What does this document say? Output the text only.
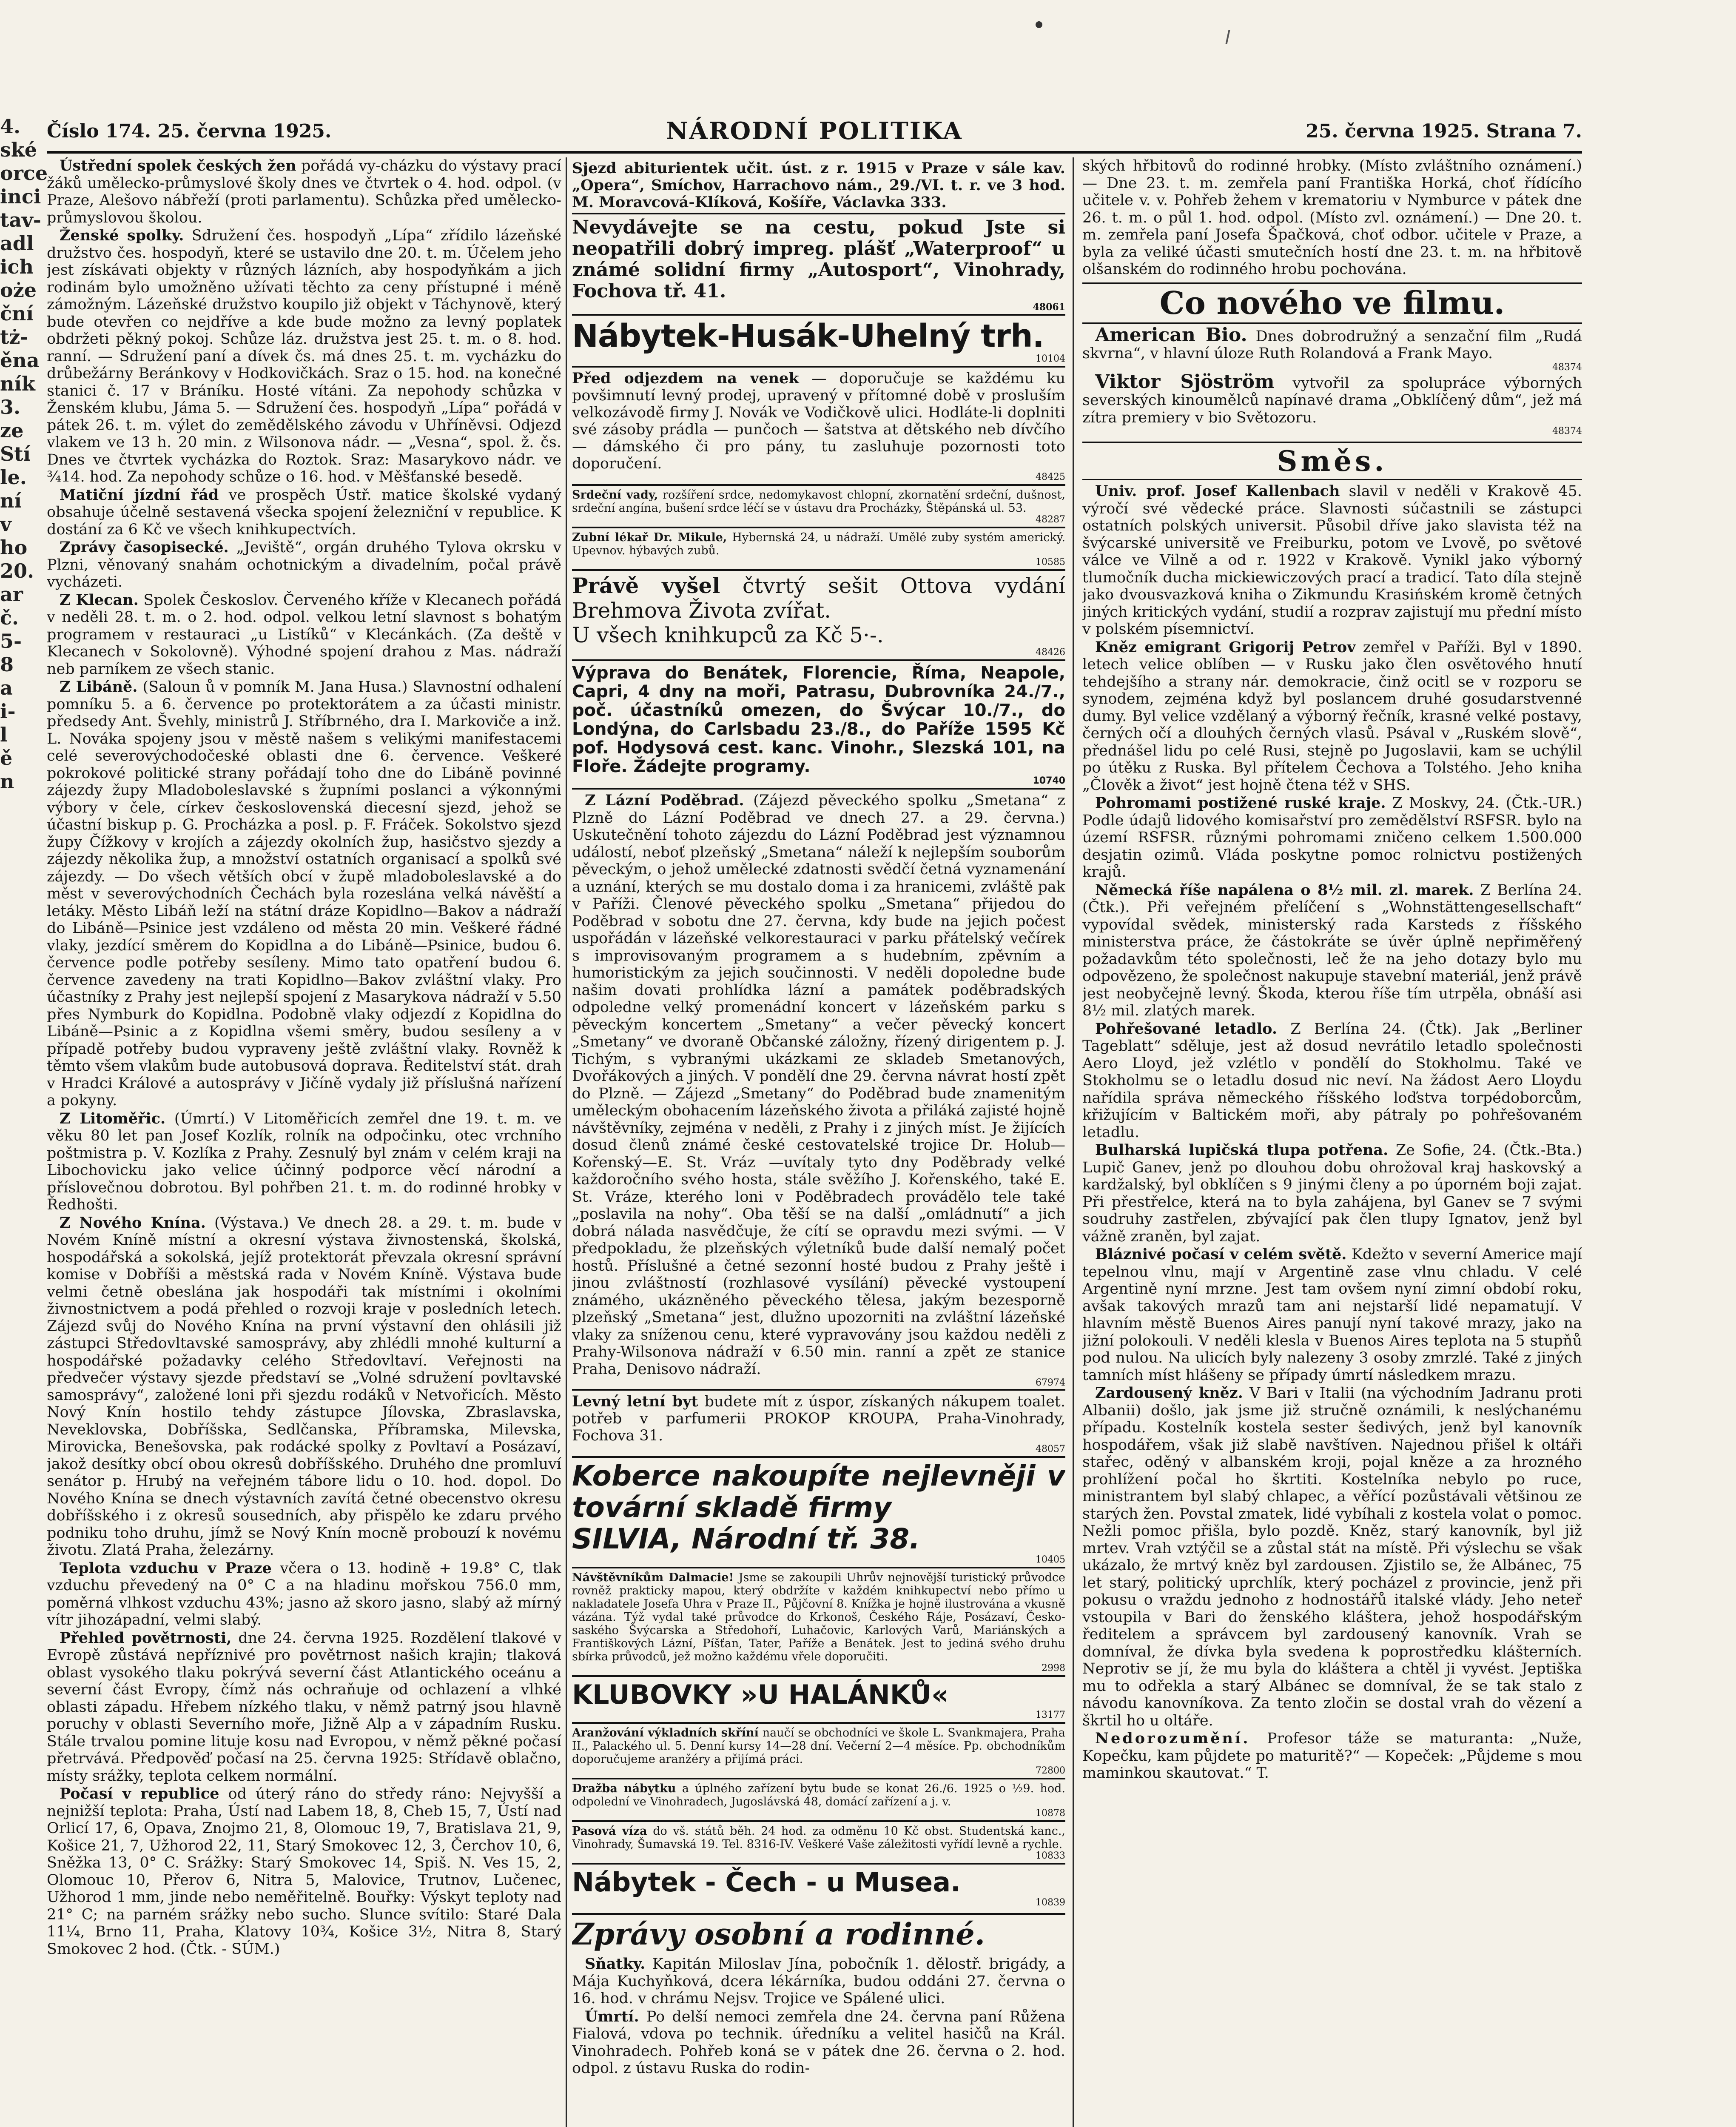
4.
ské
orce
inci
tav-
adl
ich
oże
ční
tż-
ěna
ník
3.
ze
Stí
le.
ní
v
ho
20.
ar
č.
5-
8
a
i-
l
ě
n
Číslo 174. 25. června 1925.	NÁRODNÍ POLITIKA	25. června 1925. Strana 7.

Ústřední spolek českých žen pořádá vy-cházku do výstavy prací žáků umělecko-průmyslové školy dnes ve čtvrtek o 4. hod. odpol. (v Praze, Alešovo nábřeží (proti parlamentu). Schůzka před umělecko-průmyslovou školou.

Ženské spolky. Sdružení čes. hospodyň „Lípa“ zřídilo lázeňské družstvo čes. hospodyň, které se ustavilo dne 20. t. m. Účelem jeho jest získávati objekty v různých lázních, aby hospodyňkám a jich rodinám bylo umožněno užívati těchto za ceny přístupné i méně zámožným. Lázeňské družstvo koupilo již objekt v Táchynově, který bude otevřen co nejdříve a kde bude možno za levný poplatek obdržeti pěkný pokoj. Schůze láz. družstva jest 25. t. m. o 8. hod. ranní. — Sdružení paní a dívek čs. má dnes 25. t. m. vycházku do drůbežárny Beránkovy v Hodkovičkách. Sraz o 15. hod. na konečné stanici č. 17 v Bráníku. Hosté vítáni. Za nepohody schůzka v Ženském klubu, Jáma 5. — Sdružení čes. hospodyň „Lípa“ pořádá v pátek 26. t. m. výlet do zemědělského závodu v Uhříněvsi. Odjezd vlakem ve 13 h. 20 min. z Wilsonova nádr. — „Vesna“, spol. ž. čs. Dnes ve čtvrtek vycházka do Roztok. Sraz: Masarykovo nádr. ve ¾14. hod. Za nepohody schůze o 16. hod. v Měšťanské besedě.

Matiční jízdní řád ve prospěch Ústř. matice školské vydaný obsahuje účelně sestavená všecka spojení železniční v republice. K dostání za 6 Kč ve všech knihkupectvích.

Zprávy časopisecké. „Jeviště“, orgán druhého Tylova okrsku v Plzni, věnovaný snahám ochotnickým a divadelním, počal právě vycházeti.

Z Klecan. Spolek Českoslov. Červeného kříže v Klecanech pořádá v neděli 28. t. m. o 2. hod. odpol. velkou letní slavnost s bohatým programem v restauraci „u Listíků“ v Klecánkách. (Za deště v Klecanech v Sokolovně). Výhodné spojení drahou z Mas. nádraží neb parníkem ze všech stanic.

Z Libáně. (Saloun ů v pomník M. Jana Husa.) Slavnostní odhalení pomníku 5. a 6. července po protektorátem a za účasti ministr. předsedy Ant. Švehly, ministrů J. Stříbrného, dra I. Markoviče a inž. L. Nováka spojeny jsou v městě našem s velikými manifestacemi celé severovýchodočeské oblasti dne 6. července. Veškeré pokrokové politické strany pořádají toho dne do Libáně povinné zájezdy župy Mladoboleslavské s župními poslanci a výkonnými výbory v čele, církev československá diecesní sjezd, jehož se účastní biskup p. G. Procházka a posl. p. F. Fráček. Sokolstvo sjezd župy Čížkovy v krojích a zájezdy okolních žup, hasičstvo sjezdy a zájezdy několika žup, a množství ostatních organisací a spolků své zájezdy. — Do všech větších obcí v župě mladoboleslavské a do měst v severovýchodních Čechách byla rozeslána velká návěští a letáky. Město Libáň leží na státní dráze Kopidlno—Bakov a nádraží do Libáně—Psinice jest vzdáleno od města 20 min. Veškeré řádné vlaky, jezdící směrem do Kopidlna a do Libáně—Psinice, budou 6. července podle potřeby sesíleny. Mimo tato opatření budou 6. července zavedeny na trati Kopidlno—Bakov zvláštní vlaky. Pro účastníky z Prahy jest nejlepší spojení z Masarykova nádraží v 5.50 přes Nymburk do Kopidlna. Podobně vlaky odjezdí z Kopidlna do Libáně—Psinic a z Kopidlna všemi směry, budou sesíleny a v případě potřeby budou vypraveny ještě zvláštní vlaky. Rovněž k těmto všem vlakům bude autobusová doprava. Ředitelství stát. drah v Hradci Králové a autosprávy v Jičíně vydaly již příslušná nařízení a pokyny.

Z Litoměřic. (Úmrtí.) V Litoměřicích zemřel dne 19. t. m. ve věku 80 let pan Josef Kozlík, rolník na odpočinku, otec vrchního poštmistra p. V. Kozlíka z Prahy. Zesnulý byl znám v celém kraji na Libochovicku jako velice účinný podporce věcí národní a příslovečnou dobrotou. Byl pohřben 21. t. m. do rodinné hrobky v Ředhošti.

Z Nového Knína. (Výstava.) Ve dnech 28. a 29. t. m. bude v Novém Kníně místní a okresní výstava živnostenská, školská, hospodářská a sokolská, jejíž protektorát převzala okresní správní komise v Dobříši a městská rada v Novém Kníně. Výstava bude velmi četně obeslána jak hospodáři tak místními i okolními živnostnictvem a podá přehled o rozvoji kraje v posledních letech. Zájezd svůj do Nového Knína na první výstavní den ohlásili již zástupci Středovltavské samosprávy, aby zhlédli mnohé kulturní a hospodářské požadavky celého Středovltaví. Veřejnosti na předvečer výstavy sjezde představí se „Volné sdružení povltavské samosprávy“, založené loni při sjezdu rodáků v Netvořicích. Město Nový Knín hostilo tehdy zástupce Jílovska, Zbraslavska, Neveklovska, Dobříšska, Sedlčanska, Příbramska, Milevska, Mirovicka, Benešovska, pak rodácké spolky z Povltaví a Posázaví, jakož desítky obcí obou okresů dobříšského. Druhého dne promluví senátor p. Hrubý na veřejném tábore lidu o 10. hod. dopol. Do Nového Knína se dnech výstavních zavítá četné obecenstvo okresu dobříšského i z okresů sousedních, aby přispělo ke zdaru prvého podniku toho druhu, jímž se Nový Knín mocně probouzí k novému životu. Zlatá Praha, železárny.

Teplota vzduchu v Praze včera o 13. hodině + 19.8° C, tlak vzduchu převedený na 0° C a na hladinu mořskou 756.0 mm, poměrná vlhkost vzduchu 43%; jasno až skoro jasno, slabý až mírný vítr jihozápadní, velmi slabý.

Přehled povětrnosti, dne 24. června 1925. Rozdělení tlakové v Evropě zůstává nepříznivé pro povětrnost našich krajin; tlaková oblast vysokého tlaku pokrývá severní část Atlantického oceánu a severní část Evropy, čímž nás ochraňuje od ochlazení a vlhké oblasti západu. Hřebem nízkého tlaku, v němž patrný jsou hlavně poruchy v oblasti Severního moře, Jižně Alp a v západním Rusku. Stále trvalou pomine lituje kosu nad Evropou, v němž pěkné počasí přetrvává. Předpověď počasí na 25. června 1925: Střídavě oblačno, místy srážky, teplota celkem normální.

Počasí v republice od úterý ráno do středy ráno: Nejvyšší a nejnižší teplota: Praha, Ústí nad Labem 18, 8, Cheb 15, 7, Ústí nad Orlicí 17, 6, Opava, Znojmo 21, 8, Olomouc 19, 7, Bratislava 21, 9, Košice 21, 7, Užhorod 22, 11, Starý Smokovec 12, 3, Čerchov 10, 6, Sněžka 13, 0° C. Srážky: Starý Smokovec 14, Spiš. N. Ves 15, 2, Olomouc 10, Přerov 6, Nitra 5, Malovice, Trutnov, Lučenec, Užhorod 1 mm, jinde nebo neměřitelně. Bouřky: Výskyt teploty nad 21° C; na parném srážky nebo sucho. Slunce svítilo: Staré Dala 11¼, Brno 11, Praha, Klatovy 10¾, Košice 3½, Nitra 8, Starý Smokovec 2 hod. (Čtk. - SÚM.)

Sjezd abiturientek učit. úst. z r. 1915 v Praze v sále kav. „Opera“, Smíchov, Harrachovo nám., 29./VI. t. r. ve 3 hod. M. Moravcová-Klíková, Košíře, Václavka 333.
Nevydávejte se na cestu, pokud Jste si neopatřili dobrý impreg. plášť „Waterproof“ u známé solidní firmy „Autosport“, Vinohrady, Fochova tř. 41.
48061
Nábytek-Husák-Uhelný trh.
10104
Před odjezdem na venek — doporučuje se každému ku povšimnutí levný prodej, upravený v přítomné době v prosluším velkozávodě firmy J. Novák ve Vodičkově ulici. Hodláte-li doplniti své zásoby prádla — punčoch — šatstva at dětského neb dívčího — dámského či pro pány, tu zasluhuje pozornosti toto doporučení.
48425
Srdeční vady, rozšíření srdce, nedomykavost chlopní, zkornatění srdeční, dušnost, srdeční angína, bušení srdce léčí se v ústavu dra Procházky, Štěpánská ul. 53.
48287
Zubní lékař Dr. Mikule, Hybernská 24, u nádraží. Umělé zuby systém americký. Upevnov. hýbavých zubů.
10585
Právě vyšel čtvrtý sešit Ottova vydání Brehmova Života zvířat.
U všech knihkupců za Kč 5·-.
48426
Výprava do Benátek, Florencie, Říma, Neapole, Capri, 4 dny na moři, Patrasu, Dubrovníka 24./7., poč. účastníků omezen, do Švýcar 10./7., do Londýna, do Carlsbadu 23./8., do Paříže 1595 Kč pof. Hodysová cest. kanc. Vinohr., Slezská 101, na Floře. Žádejte programy.
10740

Z Lázní Poděbrad. (Zájezd pěveckého spolku „Smetana“ z Plzně do Lázní Poděbrad ve dnech 27. a 29. června.) Uskutečnění tohoto zájezdu do Lázní Poděbrad jest významnou událostí, neboť plzeňský „Smetana“ náleží k nejlepším souborům pěveckým, o jehož umělecké zdatnosti svědčí četná vyznamenání a uznání, kterých se mu dostalo doma i za hranicemi, zvláště pak v Paříži. Členové pěveckého spolku „Smetana“ přijedou do Poděbrad v sobotu dne 27. června, kdy bude na jejich počest uspořádán v lázeňské velkorestauraci v parku přátelský večírek s improvisovaným programem a s hudebním, zpěvním a humoristickým za jejich součinnosti. V neděli dopoledne bude našim dovati prohlídka lázní a památek poděbradských odpoledne velký promenádní koncert v lázeňském parku s pěveckým koncertem „Smetany“ a večer pěvecký koncert „Smetany“ ve dvoraně Občanské záložny, řízený dirigentem p. J. Tichým, s vybranými ukázkami ze skladeb Smetanových, Dvořákových a jiných. V pondělí dne 29. června návrat hostí zpět do Plzně. — Zájezd „Smetany“ do Poděbrad bude znamenitým uměleckým obohacením lázeňského života a přiláká zajisté hojně návštěvníky, zejména v neděli, z Prahy i z jiných míst. Je žijících dosud členů známé české cestovatelské trojice Dr. Holub—Kořenský—E. St. Vráz —uvítaly tyto dny Poděbrady velké každoročního svého hosta, stále svěžího J. Kořenského, také E. St. Vráze, kterého loni v Poděbradech provádělo tele také „poslavila na nohy“. Oba těší se na další „omládnutí“ a jich dobrá nálada nasvědčuje, že cítí se opravdu mezi svými. — V předpokladu, že plzeňských výletníků bude další nemalý počet hostů. Příslušné a četné sezonní hosté budou z Prahy ještě i jinou zvláštností (rozhlasové vysílání) pěvecké vystoupení známého, ukázněného pěveckého tělesa, jakým bezesporně plzeňský „Smetana“ jest, dlužno upozorniti na zvláštní lázeňské vlaky za sníženou cenu, které vypravovány jsou každou neděli z Prahy-Wilsonova nádraží v 6.50 min. ranní a zpět ze stanice Praha, Denisovo nádraží.
67974

Levný letní byt budete mít z úspor, získaných nákupem toalet. potřeb v parfumerii PROKOP KROUPA, Praha-Vinohrady, Fochova 31.
48057
Koberce nakoupíte nejlevněji v tovární skladě firmy
SILVIA, Národní tř. 38.
10405
Návštěvníkům Dalmacie! Jsme se zakoupili Uhrův nejnovější turistický průvodce rovněž prakticky mapou, který obdržíte v každém knihkupectví nebo přímo u nakladatele Josefa Uhra v Praze II., Půjčovní 8. Knížka je hojně ilustrována a vkusně vázána. Týž vydal také průvodce do Krkonoš, Českého Ráje, Posázaví, Česko-saského Švýcarska a Středohoří, Luhačovic, Karlových Varů, Mariánských a Františkových Lázní, Píšťan, Tater, Paříže a Benátek. Jest to jediná svého druhu sbírka průvodců, jež možno každému vřele doporučiti.
2998
KLUBOVKY »U HALÁNKŮ«
13177
Aranžování výkladních skříní naučí se obchodníci ve škole L. Svankmajera, Praha II., Palackého ul. 5. Denní kursy 14—28 dní. Večerní 2—4 měsíce. Pp. obchodníkům doporučujeme aranžéry a přijímá práci.
72800
Dražba nábytku a úplného zařízení bytu bude se konat 26./6. 1925 o ½9. hod. odpolední ve Vinohradech, Jugoslávská 48, domácí zařízení a j. v.
10878
Pasová víza do vš. států běh. 24 hod. za odměnu 10 Kč obst. Studentská kanc., Vinohrady, Šumavská 19. Tel. 8316-IV. Veškeré Vaše záležitosti vyřídí levně a rychle.
10833
Nábytek - Čech - u Musea.
10839
Zprávy osobní a rodinné.

Sňatky. Kapitán Miloslav Jína, pobočník 1. dělostř. brigády, a Mája Kuchyňková, dcera lékárníka, budou oddáni 27. června o 16. hod. v chrámu Nejsv. Trojice ve Spálené ulici.

Úmrtí. Po delší nemoci zemřela dne 24. června paní Růžena Fialová, vdova po technik. úředníku a velitel hasičů na Král. Vinohradech. Pohřeb koná se v pátek dne 26. června o 2. hod. odpol. z ústavu Ruska do rodin-

ských hřbitovů do rodinné hrobky. (Místo zvláštního oznámení.) — Dne 23. t. m. zemřela paní Františka Horká, choť řídícího učitele v. v. Pohřeb žehem v krematoriu v Nymburce v pátek dne 26. t. m. o půl 1. hod. odpol. (Místo zvl. oznámení.) — Dne 20. t. m. zemřela paní Josefa Špačková, choť odbor. učitele v Praze, a byla za veliké účasti smutečních hostí dne 23. t. m. na hřbitově olšanském do rodinného hrobu pochována.

Co nového ve filmu.

American Bio. Dnes dobrodružný a senzační film „Rudá skvrna“, v hlavní úloze Ruth Rolandová a Frank Mayo.
48374

Viktor Sjöström vytvořil za spolupráce výborných severských kinoumělců napínavé drama „Obklíčený dům“, jež má zítra premiery v bio Světozoru.
48374

Směs.

Univ. prof. Josef Kallenbach slavil v neděli v Krakově 45. výročí své vědecké práce. Slavnosti súčastnili se zástupci ostatních polských universit. Působil dříve jako slavista též na švýcarské universitě ve Freiburku, potom ve Lvově, po světové válce ve Vilně a od r. 1922 v Krakově. Vynikl jako výborný tlumočník ducha mickiewiczových prací a tradicí. Tato díla stejně jako dvousvazková kniha o Zikmundu Krasińském kromě četných jiných kritických vydání, studií a rozprav zajistují mu přední místo v polském písemnictví.

Kněz emigrant Grigorij Petrov zemřel v Paříži. Byl v 1890. letech velice oblíben — v Rusku jako člen osvětového hnutí tehdejšího a strany nár. demokracie, činž ocitl se v rozporu se synodem, zejména když byl poslancem druhé gosudarstvenné dumy. Byl velice vzdělaný a výborný řečník, krasné velké postavy, černých očí a dlouhých černých vlasů. Psával v „Ruském slově“, přednášel lidu po celé Rusi, stejně po Jugoslavii, kam se uchýlil po útěku z Ruska. Byl přítelem Čechova a Tolstého. Jeho kniha „Člověk a život“ jest hojně čtena též v SHS.

Pohromami postižené ruské kraje. Z Moskvy, 24. (Čtk.-UR.) Podle údajů lidového komisařství pro zemědělství RSFSR. bylo na území RSFSR. různými pohromami zničeno celkem 1.500.000 desjatin ozimů. Vláda poskytne pomoc rolnictvu postižených krajů.

Německá říše napálena o 8½ mil. zl. marek. Z Berlína 24. (Čtk.). Při veřejném přelíčení s „Wohnstättengesellschaft“ vypovídal svědek, ministerský rada Karsteds z říšského ministerstva práce, že částokráte se úvěr úplně nepřiměřený požadavkům této společnosti, leč že na jeho dotazy bylo mu odpovězeno, že společnost nakupuje stavební materiál, jenž právě jest neobyčejně levný. Škoda, kterou říše tím utrpěla, obnáší asi 8½ mil. zlatých marek.

Pohřešované letadlo. Z Berlína 24. (Čtk). Jak „Berliner Tageblatt“ sděluje, jest až dosud nevrátilo letadlo společnosti Aero Lloyd, jež vzlétlo v pondělí do Stokholmu. Také ve Stokholmu se o letadlu dosud nic neví. Na žádost Aero Lloydu nařídila správa německého říšského loďstva torpédoborcům, křižujícím v Baltickém moři, aby pátraly po pohřešovaném letadlu.

Bulharská lupičská tlupa potřena. Ze Sofie, 24. (Čtk.-Bta.) Lupič Ganev, jenž po dlouhou dobu ohrožoval kraj haskovský a kardžalský, byl obklíčen s 9 jinými členy a po úporném boji zajat. Při přestřelce, která na to byla zahájena, byl Ganev se 7 svými soudruhy zastřelen, zbývající pak člen tlupy Ignatov, jenž byl vážně zraněn, byl zajat.

Bláznivé počasí v celém světě. Kdežto v severní Americe mají tepelnou vlnu, mají v Argentině zase vlnu chladu. V celé Argentině nyní mrzne. Jest tam ovšem nyní zimní období roku, avšak takových mrazů tam ani nejstarší lidé nepamatují. V hlavním městě Buenos Aires panují nyní takové mrazy, jako na jižní polokouli. V neděli klesla v Buenos Aires teplota na 5 stupňů pod nulou. Na ulicích byly nalezeny 3 osoby zmrzlé. Také z jiných tamních míst hlášeny se případy úmrtí následkem mrazu.

Zardousený kněz. V Bari v Italii (na východním Jadranu proti Albanii) došlo, jak jsme již stručně oznámili, k neslýchanému případu. Kostelník kostela sester šedivých, jenž byl kanovník hospodářem, však již slabě navštíven. Najednou přišel k oltáři stařec, oděný v albanském kroji, pojal kněze a za hrozného prohlížení počal ho škrtiti. Kostelníka nebylo po ruce, ministrantem byl slabý chlapec, a věřící pozůstávali většinou ze starých žen. Povstal zmatek, lidé vybíhali z kostela volat o pomoc. Nežli pomoc přišla, bylo pozdě. Kněz, starý kanovník, byl již mrtev. Vrah vztýčil se a zůstal stát na místě. Při výslechu se však ukázalo, že mrtvý kněz byl zardousen. Zjistilo se, že Albánec, 75 let starý, politický uprchlík, který pocházel z provincie, jenž při pokusu o vraždu jednoho z hodnostářů italské vlády. Jeho neteř vstoupila v Bari do ženského kláštera, jehož hospodářským ředitelem a správcem byl zardousený kanovník. Vrah se domníval, že dívka byla svedena k poprostředku klášterních. Neprotiv se jí, že mu byla do kláštera a chtěl ji vyvést. Jeptiška mu to odřekla a starý Albánec se domníval, že se tak stalo z návodu kanovníkova. Za tento zločin se dostal vrah do vězení a škrtil ho u oltáře.

Nedorozumění. Profesor táže se maturanta: „Nuže, Kopečku, kam půjdete po maturitě?“ — Kopeček: „Půjdeme s mou maminkou skautovat.“ T.
